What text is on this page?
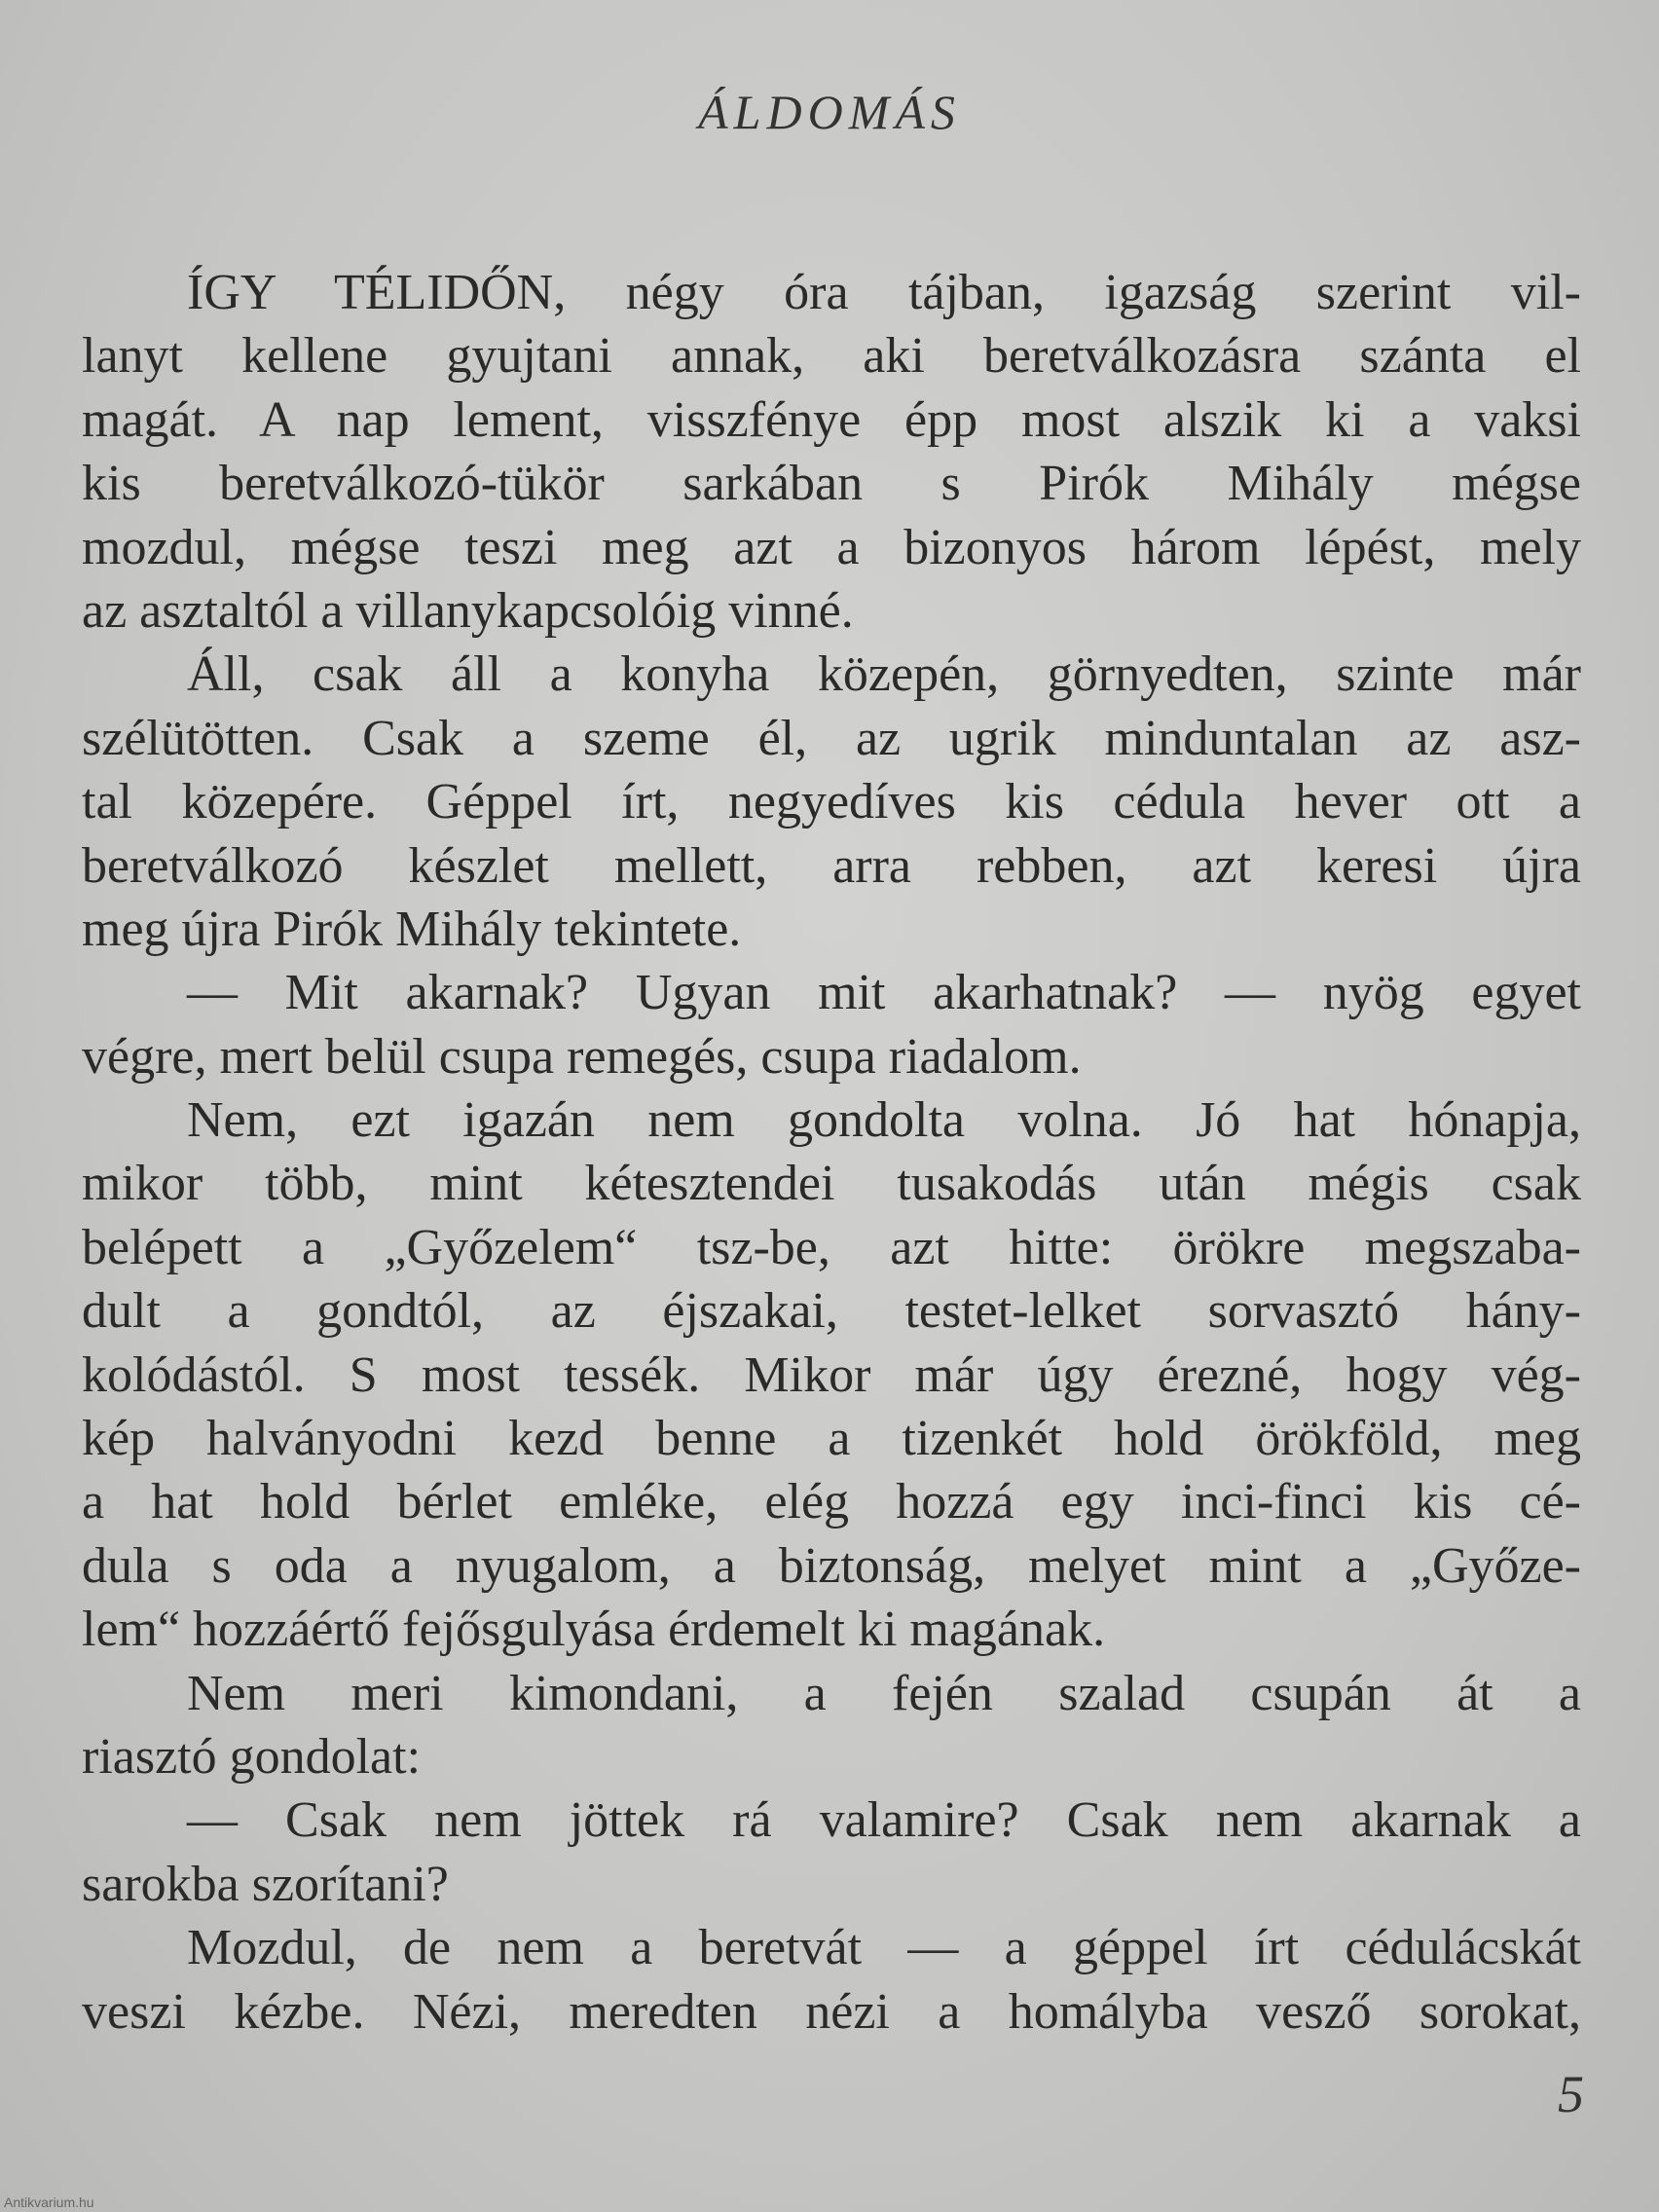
ÁLDOMÁS
ÍGY TÉLIDŐN, négy óra tájban, igazság szerint vil-
lanyt kellene gyujtani annak, aki beretválkozásra szánta el
magát. A nap lement, visszfénye épp most alszik ki a vaksi
kis beretválkozó-tükör sarkában s Pirók Mihály mégse
mozdul, mégse teszi meg azt a bizonyos három lépést, mely
az asztaltól a villanykapcsolóig vinné.
Áll, csak áll a konyha közepén, görnyedten, szinte már
szélütötten. Csak a szeme él, az ugrik minduntalan az asz-
tal közepére. Géppel írt, negyedíves kis cédula hever ott a
beretválkozó készlet mellett, arra rebben, azt keresi újra
meg újra Pirók Mihály tekintete.
— Mit akarnak? Ugyan mit akarhatnak? — nyög egyet
végre, mert belül csupa remegés, csupa riadalom.
Nem, ezt igazán nem gondolta volna. Jó hat hónapja,
mikor több, mint kétesztendei tusakodás után mégis csak
belépett a „Győzelem“ tsz-be, azt hitte: örökre megszaba-
dult a gondtól, az éjszakai, testet-lelket sorvasztó hány-
kolódástól. S most tessék. Mikor már úgy érezné, hogy vég-
kép halványodni kezd benne a tizenkét hold örökföld, meg
a hat hold bérlet emléke, elég hozzá egy inci-finci kis cé-
dula s oda a nyugalom, a biztonság, melyet mint a „Győze-
lem“ hozzáértő fejősgulyása érdemelt ki magának.
Nem meri kimondani, a fején szalad csupán át a
riasztó gondolat:
— Csak nem jöttek rá valamire? Csak nem akarnak a
sarokba szorítani?
Mozdul, de nem a beretvát — a géppel írt cédulácskát
veszi kézbe. Nézi, meredten nézi a homályba vesző sorokat,
5
Antikvarium.hu
